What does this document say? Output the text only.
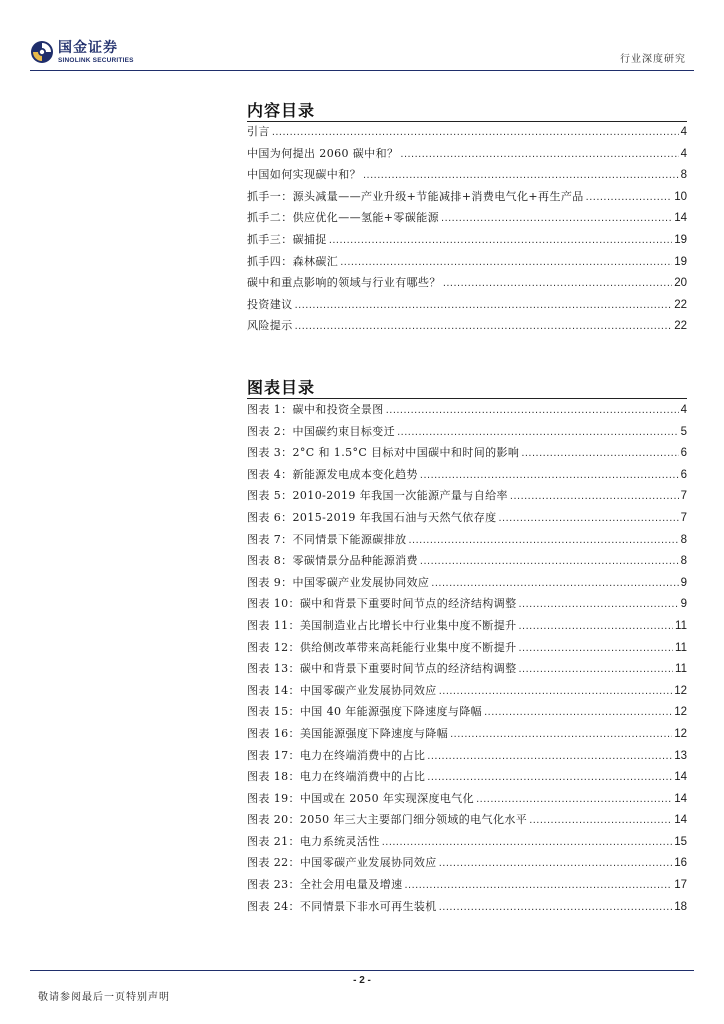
国金证券
SINOLINK SECURITIES	行业深度研究
内容目录
引言 .....	4
中国为何提出 2060 碳中和？ .....	4
中国如何实现碳中和？ .....	8
抓手一：源头减量——产业升级+节能减排+消费电气化+再生产品 .....	10
抓手二：供应优化——氢能+零碳能源 .....	14
抓手三：碳捕捉 .....	19
抓手四：森林碳汇 .....	19
碳中和重点影响的领域与行业有哪些？ .....	20
投资建议 .....	22
风险提示 .....	22
图表目录
图表 1：碳中和投资全景图 .....	4
图表 2：中国碳约束目标变迁 .....	5
图表 3：2°C 和 1.5°C 目标对中国碳中和时间的影响 .....	6
图表 4：新能源发电成本变化趋势 .....	6
图表 5：2010-2019 年我国一次能源产量与自给率 .....	7
图表 6：2015-2019 年我国石油与天然气依存度 .....	7
图表 7：不同情景下能源碳排放 .....	8
图表 8：零碳情景分品种能源消费 .....	8
图表 9：中国零碳产业发展协同效应 .....	9
图表 10：碳中和背景下重要时间节点的经济结构调整 .....	9
图表 11：美国制造业占比增长中行业集中度不断提升 .....	11
图表 12：供给侧改革带来高耗能行业集中度不断提升 .....	11
图表 13：碳中和背景下重要时间节点的经济结构调整 .....	11
图表 14：中国零碳产业发展协同效应 .....	12
图表 15：中国 40 年能源强度下降速度与降幅 .....	12
图表 16：美国能源强度下降速度与降幅 .....	12
图表 17：电力在终端消费中的占比 .....	13
图表 18：电力在终端消费中的占比 .....	14
图表 19：中国或在 2050 年实现深度电气化 .....	14
图表 20：2050 年三大主要部门细分领域的电气化水平 .....	14
图表 21：电力系统灵活性 .....	15
图表 22：中国零碳产业发展协同效应 .....	16
图表 23：全社会用电量及增速 .....	17
图表 24：不同情景下非水可再生装机 .....	18
- 2 -
敬请参阅最后一页特别声明
